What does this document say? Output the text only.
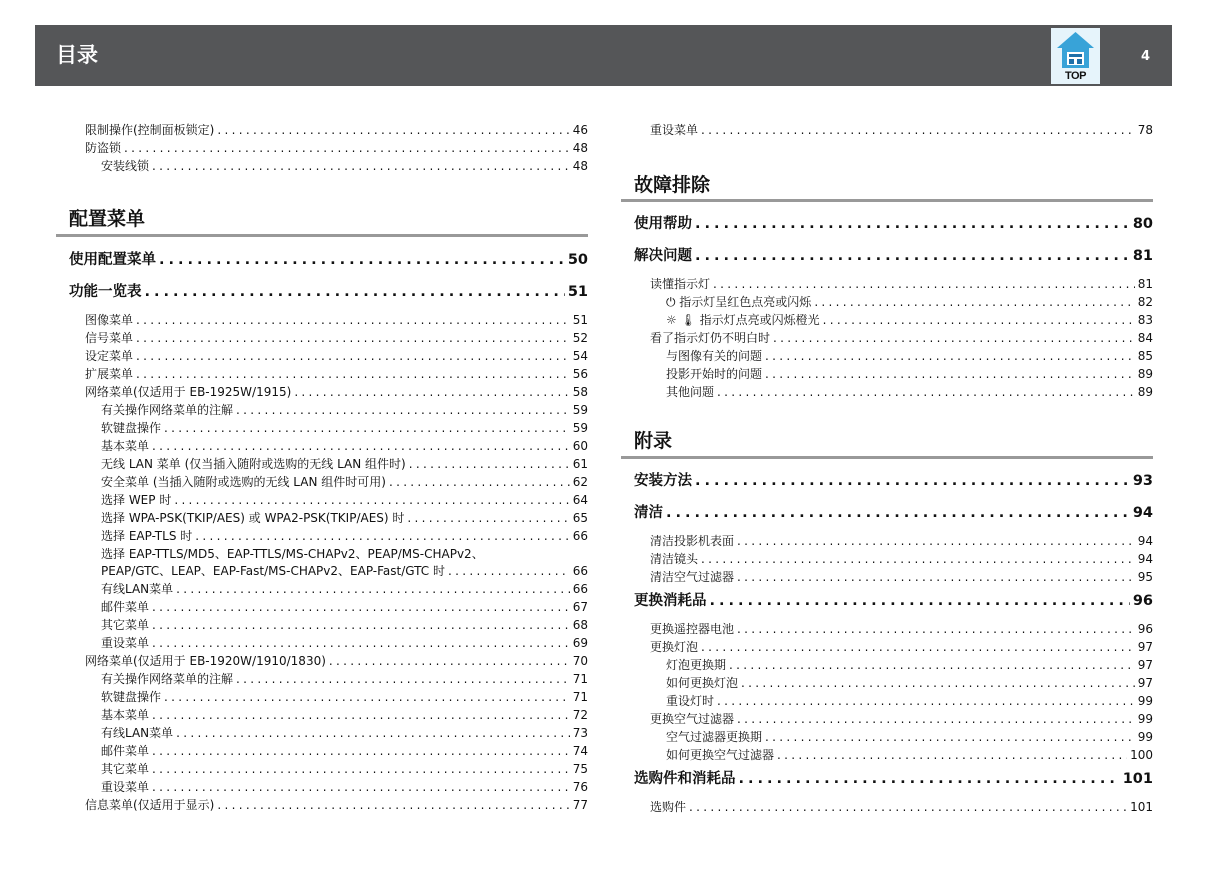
目录
TOP
4
限制操作(控制面板锁定) .....	46
防盗锁 .....	48
安装线锁 .....	48
配置菜单
使用配置菜单 .....	50
功能一览表 .....	51
图像菜单 .....	51
信号菜单 .....	52
设定菜单 .....	54
扩展菜单 .....	56
网络菜单(仅适用于 EB-1925W/1915) .....	58
有关操作网络菜单的注解 .....	59
软键盘操作 .....	59
基本菜单 .....	60
无线 LAN 菜单 (仅当插入随附或选购的无线 LAN 组件时) .....	61
安全菜单 (当插入随附或选购的无线 LAN 组件时可用) .....	62
选择 WEP 时 .....	64
选择 WPA-PSK(TKIP/AES) 或 WPA2-PSK(TKIP/AES) 时 .....	65
选择 EAP-TLS 时 .....	66
选择 EAP-TTLS/MD5、EAP-TTLS/MS-CHAPv2、PEAP/MS-CHAPv2、
PEAP/GTC、LEAP、EAP-Fast/MS-CHAPv2、EAP-Fast/GTC 时 .....	66
有线LAN菜单 .....	66
邮件菜单 .....	67
其它菜单 .....	68
重设菜单 .....	69
网络菜单(仅适用于 EB-1920W/1910/1830) .....	70
有关操作网络菜单的注解 .....	71
软键盘操作 .....	71
基本菜单 .....	72
有线LAN菜单 .....	73
邮件菜单 .....	74
其它菜单 .....	75
重设菜单 .....	76
信息菜单(仅适用于显示) .....	77
重设菜单 .....	78
故障排除
使用帮助 .....	80
解决问题 .....	81
读懂指示灯 .....	81
⏻ 指示灯呈红色点亮或闪烁 .....	82
☼ 🌡 指示灯点亮或闪烁橙光 .....	83
看了指示灯仍不明白时 .....	84
与图像有关的问题 .....	85
投影开始时的问题 .....	89
其他问题 .....	89
附录
安装方法 .....	93
清洁 .....	94
清洁投影机表面 .....	94
清洁镜头 .....	94
清洁空气过滤器 .....	95
更换消耗品 .....	96
更换遥控器电池 .....	96
更换灯泡 .....	97
灯泡更换期 .....	97
如何更换灯泡 .....	97
重设灯时 .....	99
更换空气过滤器 .....	99
空气过滤器更换期 .....	99
如何更换空气过滤器 .....	100
选购件和消耗品 .....	101
选购件 .....	101
